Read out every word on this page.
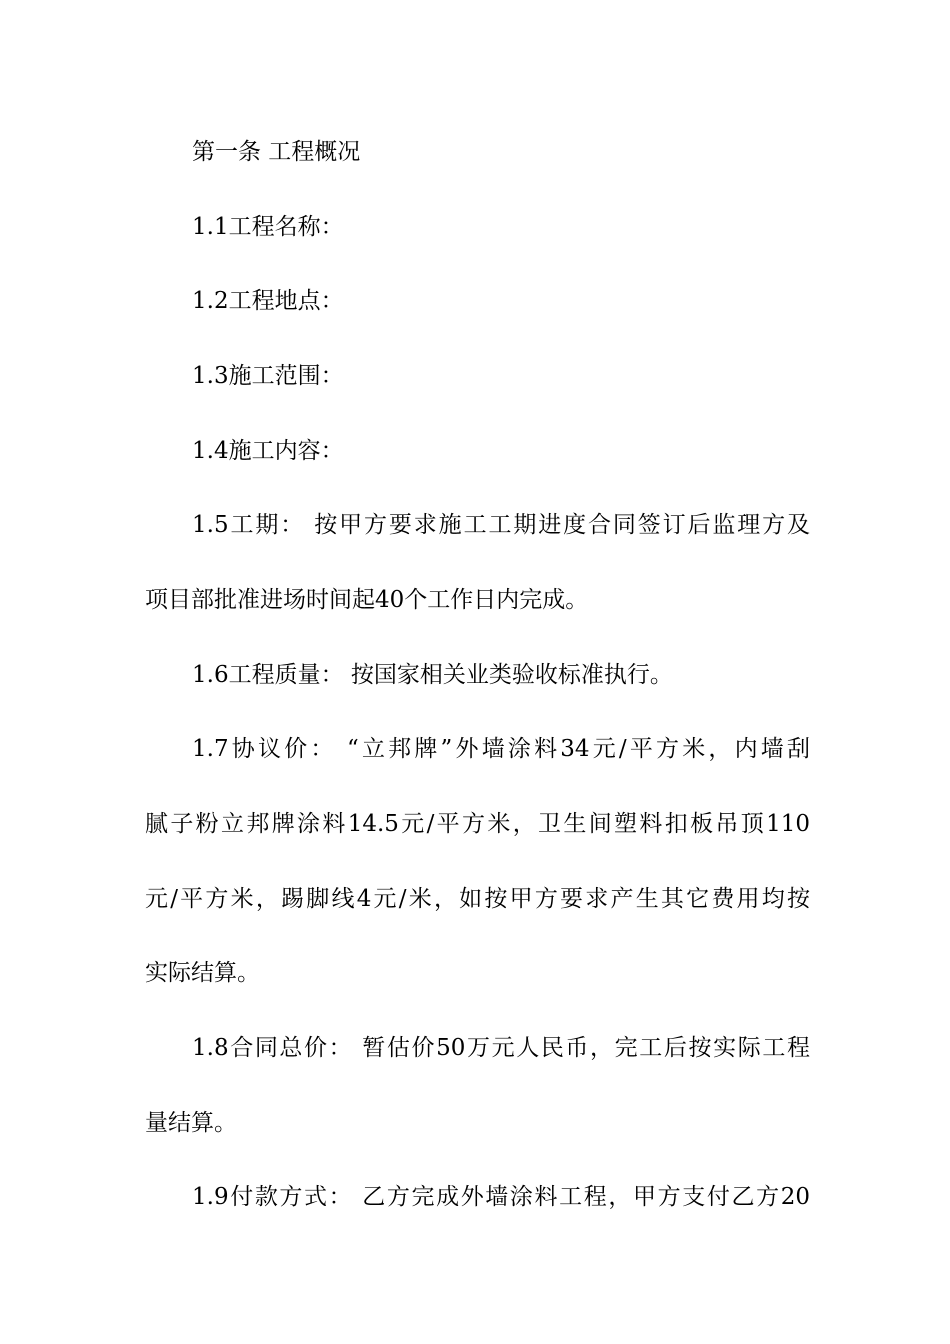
第一条 工程概况
1.1工程名称：
1.2工程地点：
1.3施工范围：
1.4施工内容：
1.5工期： 按甲方要求施工工期进度合同签订后监理方及
项目部批准进场时间起40个工作日内完成。
1.6工程质量： 按国家相关业类验收标准执行。
1.7协议价： “立邦牌”外墙涂料34元/平方米，内墙刮
腻子粉立邦牌涂料14.5元/平方米，卫生间塑料扣板吊顶110
元/平方米，踢脚线4元/米，如按甲方要求产生其它费用均按
实际结算。
1.8合同总价： 暂估价50万元人民币，完工后按实际工程
量结算。
1.9付款方式： 乙方完成外墙涂料工程，甲方支付乙方20
